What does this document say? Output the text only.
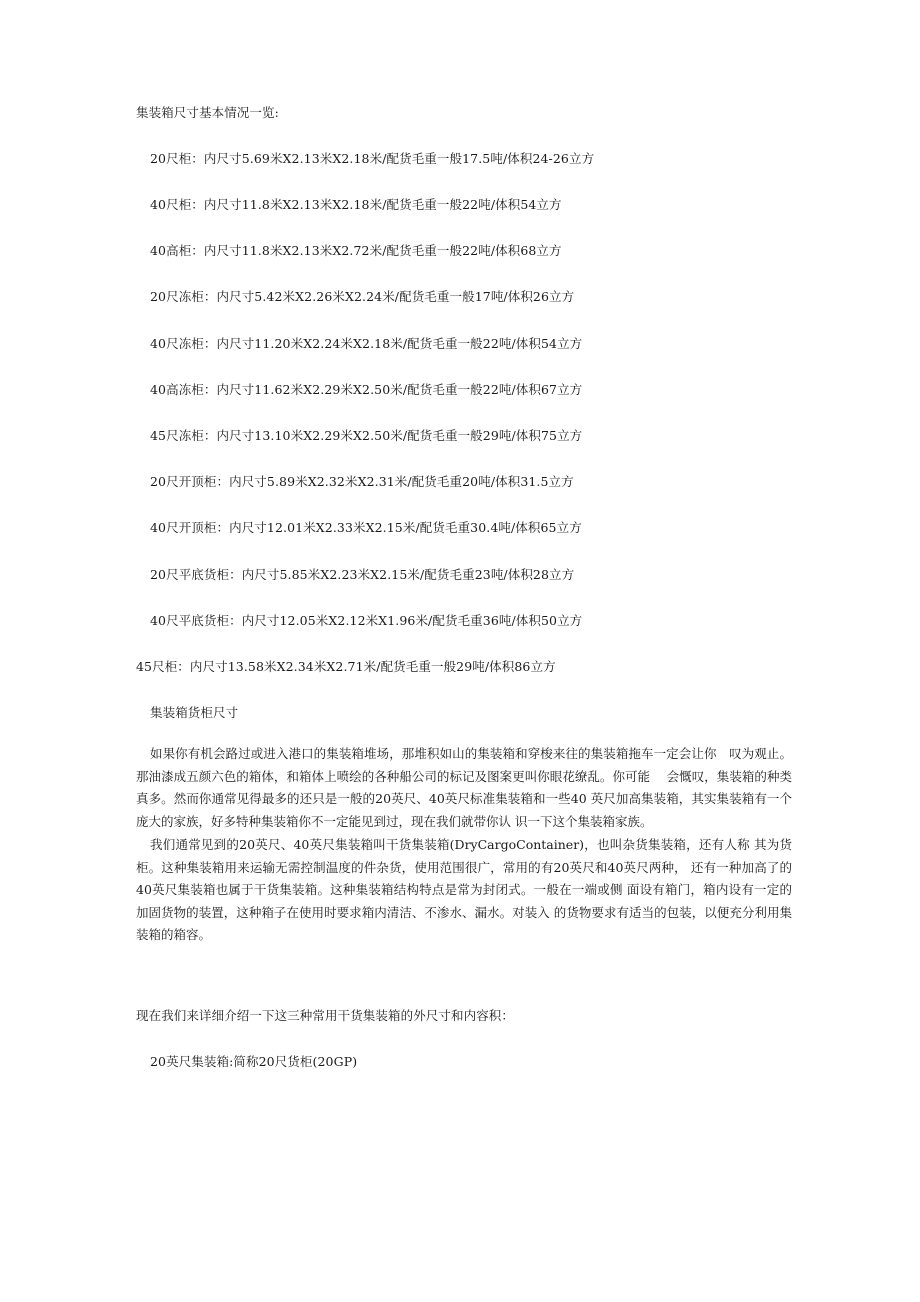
集装箱尺寸基本情况一览:
20尺柜：内尺寸5.69米X2.13米X2.18米/配货毛重一般17.5吨/体积24-26立方
40尺柜：内尺寸11.8米X2.13米X2.18米/配货毛重一般22吨/体积54立方
40高柜：内尺寸11.8米X2.13米X2.72米/配货毛重一般22吨/体积68立方
20尺冻柜：内尺寸5.42米X2.26米X2.24米/配货毛重一般17吨/体积26立方
40尺冻柜：内尺寸11.20米X2.24米X2.18米/配货毛重一般22吨/体积54立方
40高冻柜：内尺寸11.62米X2.29米X2.50米/配货毛重一般22吨/体积67立方
45尺冻柜：内尺寸13.10米X2.29米X2.50米/配货毛重一般29吨/体积75立方
20尺开顶柜：内尺寸5.89米X2.32米X2.31米/配货毛重20吨/体积31.5立方
40尺开顶柜：内尺寸12.01米X2.33米X2.15米/配货毛重30.4吨/体积65立方
20尺平底货柜：内尺寸5.85米X2.23米X2.15米/配货毛重23吨/体积28立方
40尺平底货柜：内尺寸12.05米X2.12米X1.96米/配货毛重36吨/体积50立方
45尺柜：内尺寸13.58米X2.34米X2.71米/配货毛重一般29吨/体积86立方
集装箱货柜尺寸
如果你有机会路过或进入港口的集装箱堆场，那堆积如山的集装箱和穿梭来往的集装箱拖车一定会让你　叹为观止。那油漆成五颜六色的箱体，和箱体上喷绘的各种船公司的标记及图案更叫你眼花缭乱。你可能　 会慨叹，集装箱的种类真多。然而你通常见得最多的还只是一般的20英尺、40英尺标准集装箱和一些40 英尺加高集装箱，其实集装箱有一个庞大的家族，好多特种集装箱你不一定能见到过，现在我们就带你认 识一下这个集装箱家族。
我们通常见到的20英尺、40英尺集装箱叫干货集装箱(DryCargoContainer)，也叫杂货集装箱，还有人称 其为货柜。这种集装箱用来运输无需控制温度的件杂货，使用范围很广，常用的有20英尺和40英尺两种， 还有一种加高了的40英尺集装箱也属于干货集装箱。这种集装箱结构特点是常为封闭式。一般在一端或侧 面设有箱门，箱内设有一定的加固货物的装置，这种箱子在使用时要求箱内清洁、不渗水、漏水。对装入 的货物要求有适当的包装，以便充分利用集装箱的箱容。
现在我们来详细介绍一下这三种常用干货集装箱的外尺寸和内容积：
20英尺集装箱:简称20尺货柜(20GP)
